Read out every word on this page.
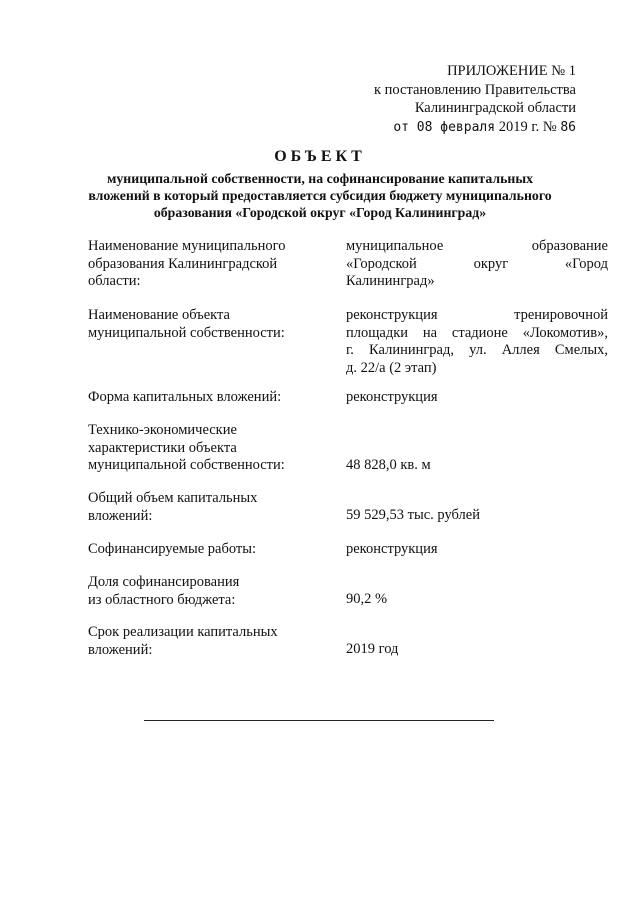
ПРИЛОЖЕНИЕ № 1
к постановлению Правительства
Калининградской области
от 08 февраля 2019 г. № 86
ОБЪЕКТ
муниципальной собственности, на софинансирование капитальных
вложений в который предоставляется субсидия бюджету муниципального
образования «Городской округ «Город Калининград»
Наименование муниципального
образования Калининградской
области:
муниципальное образование
«Городской округ «Город
Калининград»
Наименование объекта
муниципальной собственности:
реконструкция тренировочной
площадки на стадионе «Локомотив»,
г. Калининград, ул. Аллея Смелых,
д. 22/а (2 этап)
Форма капитальных вложений:	реконструкция
Технико-экономические
характеристики объекта
муниципальной собственности:	48 828,0 кв. м
Общий объем капитальных
вложений:	59 529,53 тыс. рублей
Софинансируемые работы:	реконструкция
Доля софинансирования
из областного бюджета:	90,2 %
Срок реализации капитальных
вложений:	2019 год
